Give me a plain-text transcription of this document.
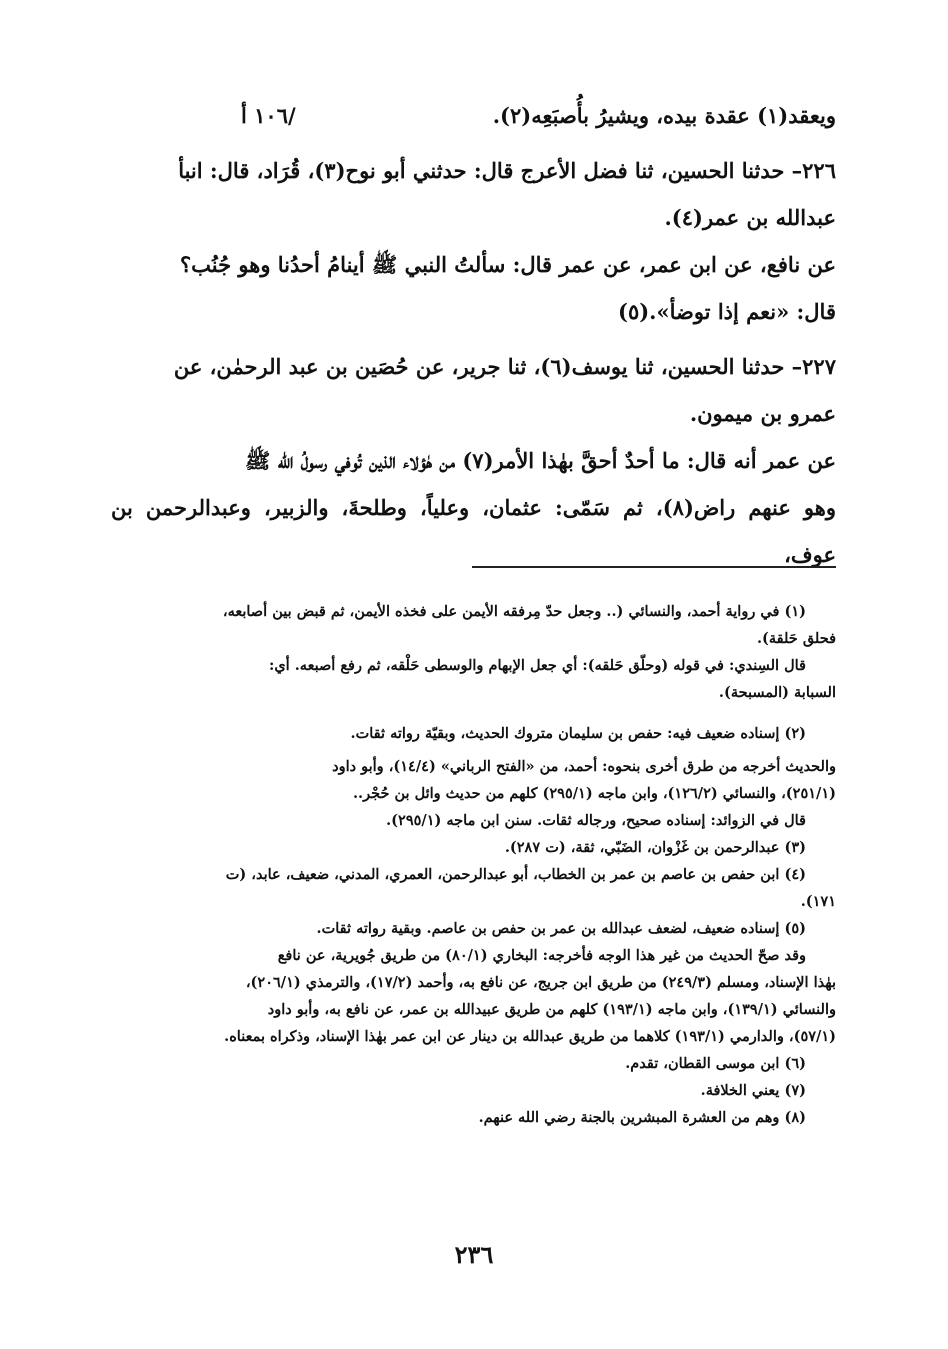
ويعقد(١) عقدة بيده، ويشيرُ بأُصبَعِه(٢).
/١٠٦ أ

٢٢٦– حدثنا الحسين، ثنا فضل الأعرج قال: حدثني أبو نوح(٣)، قُرَاد، قال: انبأ

عبدالله بن عمر(٤).

عن نافع، عن ابن عمر، عن عمر قال: سألتُ النبي ﷺ أينامُ أحدُنا وهو جُنُب؟

قال: «نعم إذا توضأ».(٥)

٢٢٧– حدثنا الحسين، ثنا يوسف(٦)، ثنا جرير، عن حُصَين بن عبد الرحمٰن، عن

عمرو بن ميمون.

عن عمر أنه قال: ما أحدٌ أحقَّ بهٰذا الأمر(٧) من هٰؤلاء الذين تُوفي رسولُ الله ﷺ

وهو عنهم راض(٨)، ثم سَمّى: عثمان، وعلياً، وطلحةَ، والزبير، وعبدالرحمن بن عوف،

(١) في رواية أحمد، والنسائي (.. وجعل حدّ مِرفقه الأيمن على فخذه الأيمن، ثم قبض بين أصابعه،

فحلق حَلقة).

قال السِندي: في قوله (وحلّق حَلقه): أي جعل الإبهام والوسطى حَلْقه، ثم رفع أصبعه. أي:

السبابة (المسبحة).

(٢) إسناده ضعيف فيه: حفص بن سليمان متروك الحديث، وبقيّة رواته ثقات.

والحديث أخرجه من طرق أخرى بنحوه: أحمد، من «الفتح الرباني» (١٤/٤)، وأبو داود

(٢٥١/١)، والنسائي (١٢٦/٢)، وابن ماجه (٢٩٥/١) كلهم من حديث وائل بن حُجْر..

قال في الزوائد: إسناده صحيح، ورجاله ثقات. سنن ابن ماجه (٢٩٥/١).

(٣) عبدالرحمن بن غَزْوان، الضَبّي، ثقة، (ت ٢٨٧).

(٤) ابن حفص بن عاصم بن عمر بن الخطاب، أبو عبدالرحمن، العمري، المدني، ضعيف، عابد، (ت

١٧١).

(٥) إسناده ضعيف، لضعف عبدالله بن عمر بن حفص بن عاصم. وبقية رواته ثقات.

وقد صحّ الحديث من غير هذا الوجه فأخرجه: البخاري (٨٠/١) من طريق جُويرية، عن نافع

بهٰذا الإسناد، ومسلم (٢٤٩/٣) من طريق ابن جريج، عن نافع به، وأحمد (١٧/٢)، والترمذي (٢٠٦/١)،

والنسائي (١٣٩/١)، وابن ماجه (١٩٣/١) كلهم من طريق عبيدالله بن عمر، عن نافع به، وأبو داود

(٥٧/١)، والدارمي (١٩٣/١) كلاهما من طريق عبدالله بن دينار عن ابن عمر بهٰذا الإسناد، وذكراه بمعناه.

(٦) ابن موسى القطان، تقدم.

(٧) يعني الخلافة.

(٨) وهم من العشرة المبشرين بالجنة رضي الله عنهم.

٢٣٦
